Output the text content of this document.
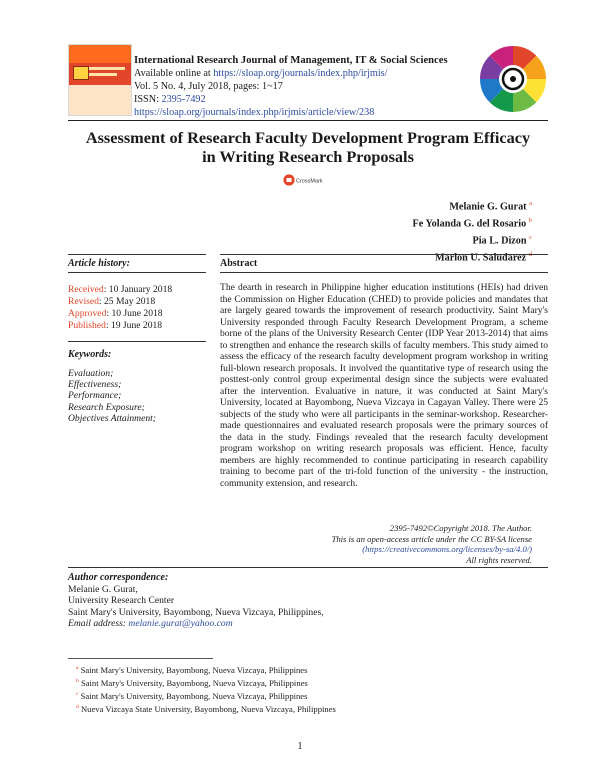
International Research Journal of Management, IT & Social Sciences
Available online at https://sloap.org/journals/index.php/irjmis/
Vol. 5 No. 4, July 2018, pages: 1~17
ISSN: 2395-7492
https://sloap.org/journals/index.php/irjmis/article/view/238
Assessment of Research Faculty Development Program Efficacy
in Writing Research Proposals
CrossMark
Melanie G. Gurat $^a$
Fe Yolanda G. del Rosario $^b$
Pia L. Dizon $^c$
Marlon U. Saludarez $^d$
Article history:
Received: 10 January 2018
Revised: 25 May 2018
Approved: 10 June 2018
Published: 19 June 2018
Keywords:
Evaluation;
Effectiveness;
Performance;
Research Exposure;
Objectives Attainment;
Abstract

The dearth in research in Philippine higher education institutions (HEIs) had driven the Commission on Higher Education (CHED) to provide policies and mandates that are largely geared towards the improvement of research productivity. Saint Mary's University responded through Faculty Research Development Program, a scheme borne of the plans of the University Research Center (IDP Year 2013-2014) that aims to strengthen and enhance the research skills of faculty members. This study aimed to assess the efficacy of the research faculty development program workshop in writing full-blown research proposals. It involved the quantitative type of research using the posttest-only control group experimental design since the subjects were evaluated after the intervention. Evaluative in nature, it was conducted at Saint Mary's University, located at Bayombong, Nueva Vizcaya in Cagayan Valley. There were 25 subjects of the study who were all participants in the seminar-workshop. Researcher-made questionnaires and evaluated research proposals were the primary sources of the data in the study. Findings revealed that the research faculty development program workshop on writing research proposals was efficient. Hence, faculty members are highly recommended to continue participating in research capability training to become part of the tri-fold function of the university - the instruction, community extension, and research.

2395-7492©Copyright 2018. The Author.
This is an open-access article under the CC BY-SA license
(https://creativecommons.org/licenses/by-sa/4.0/)
All rights reserved.
Author correspondence:
Melanie G. Gurat,
University Research Center
Saint Mary's University, Bayombong, Nueva Vizcaya, Philippines,
Email address: melanie.gurat@yahoo.com
$^a$ Saint Mary's University, Bayombong, Nueva Vizcaya, Philippines
$^b$ Saint Mary's University, Bayombong, Nueva Vizcaya, Philippines
$^c$ Saint Mary's University, Bayombong, Nueva Vizcaya, Philippines
$^d$ Nueva Vizcaya State University, Bayombong, Nueva Vizcaya, Philippines
1
